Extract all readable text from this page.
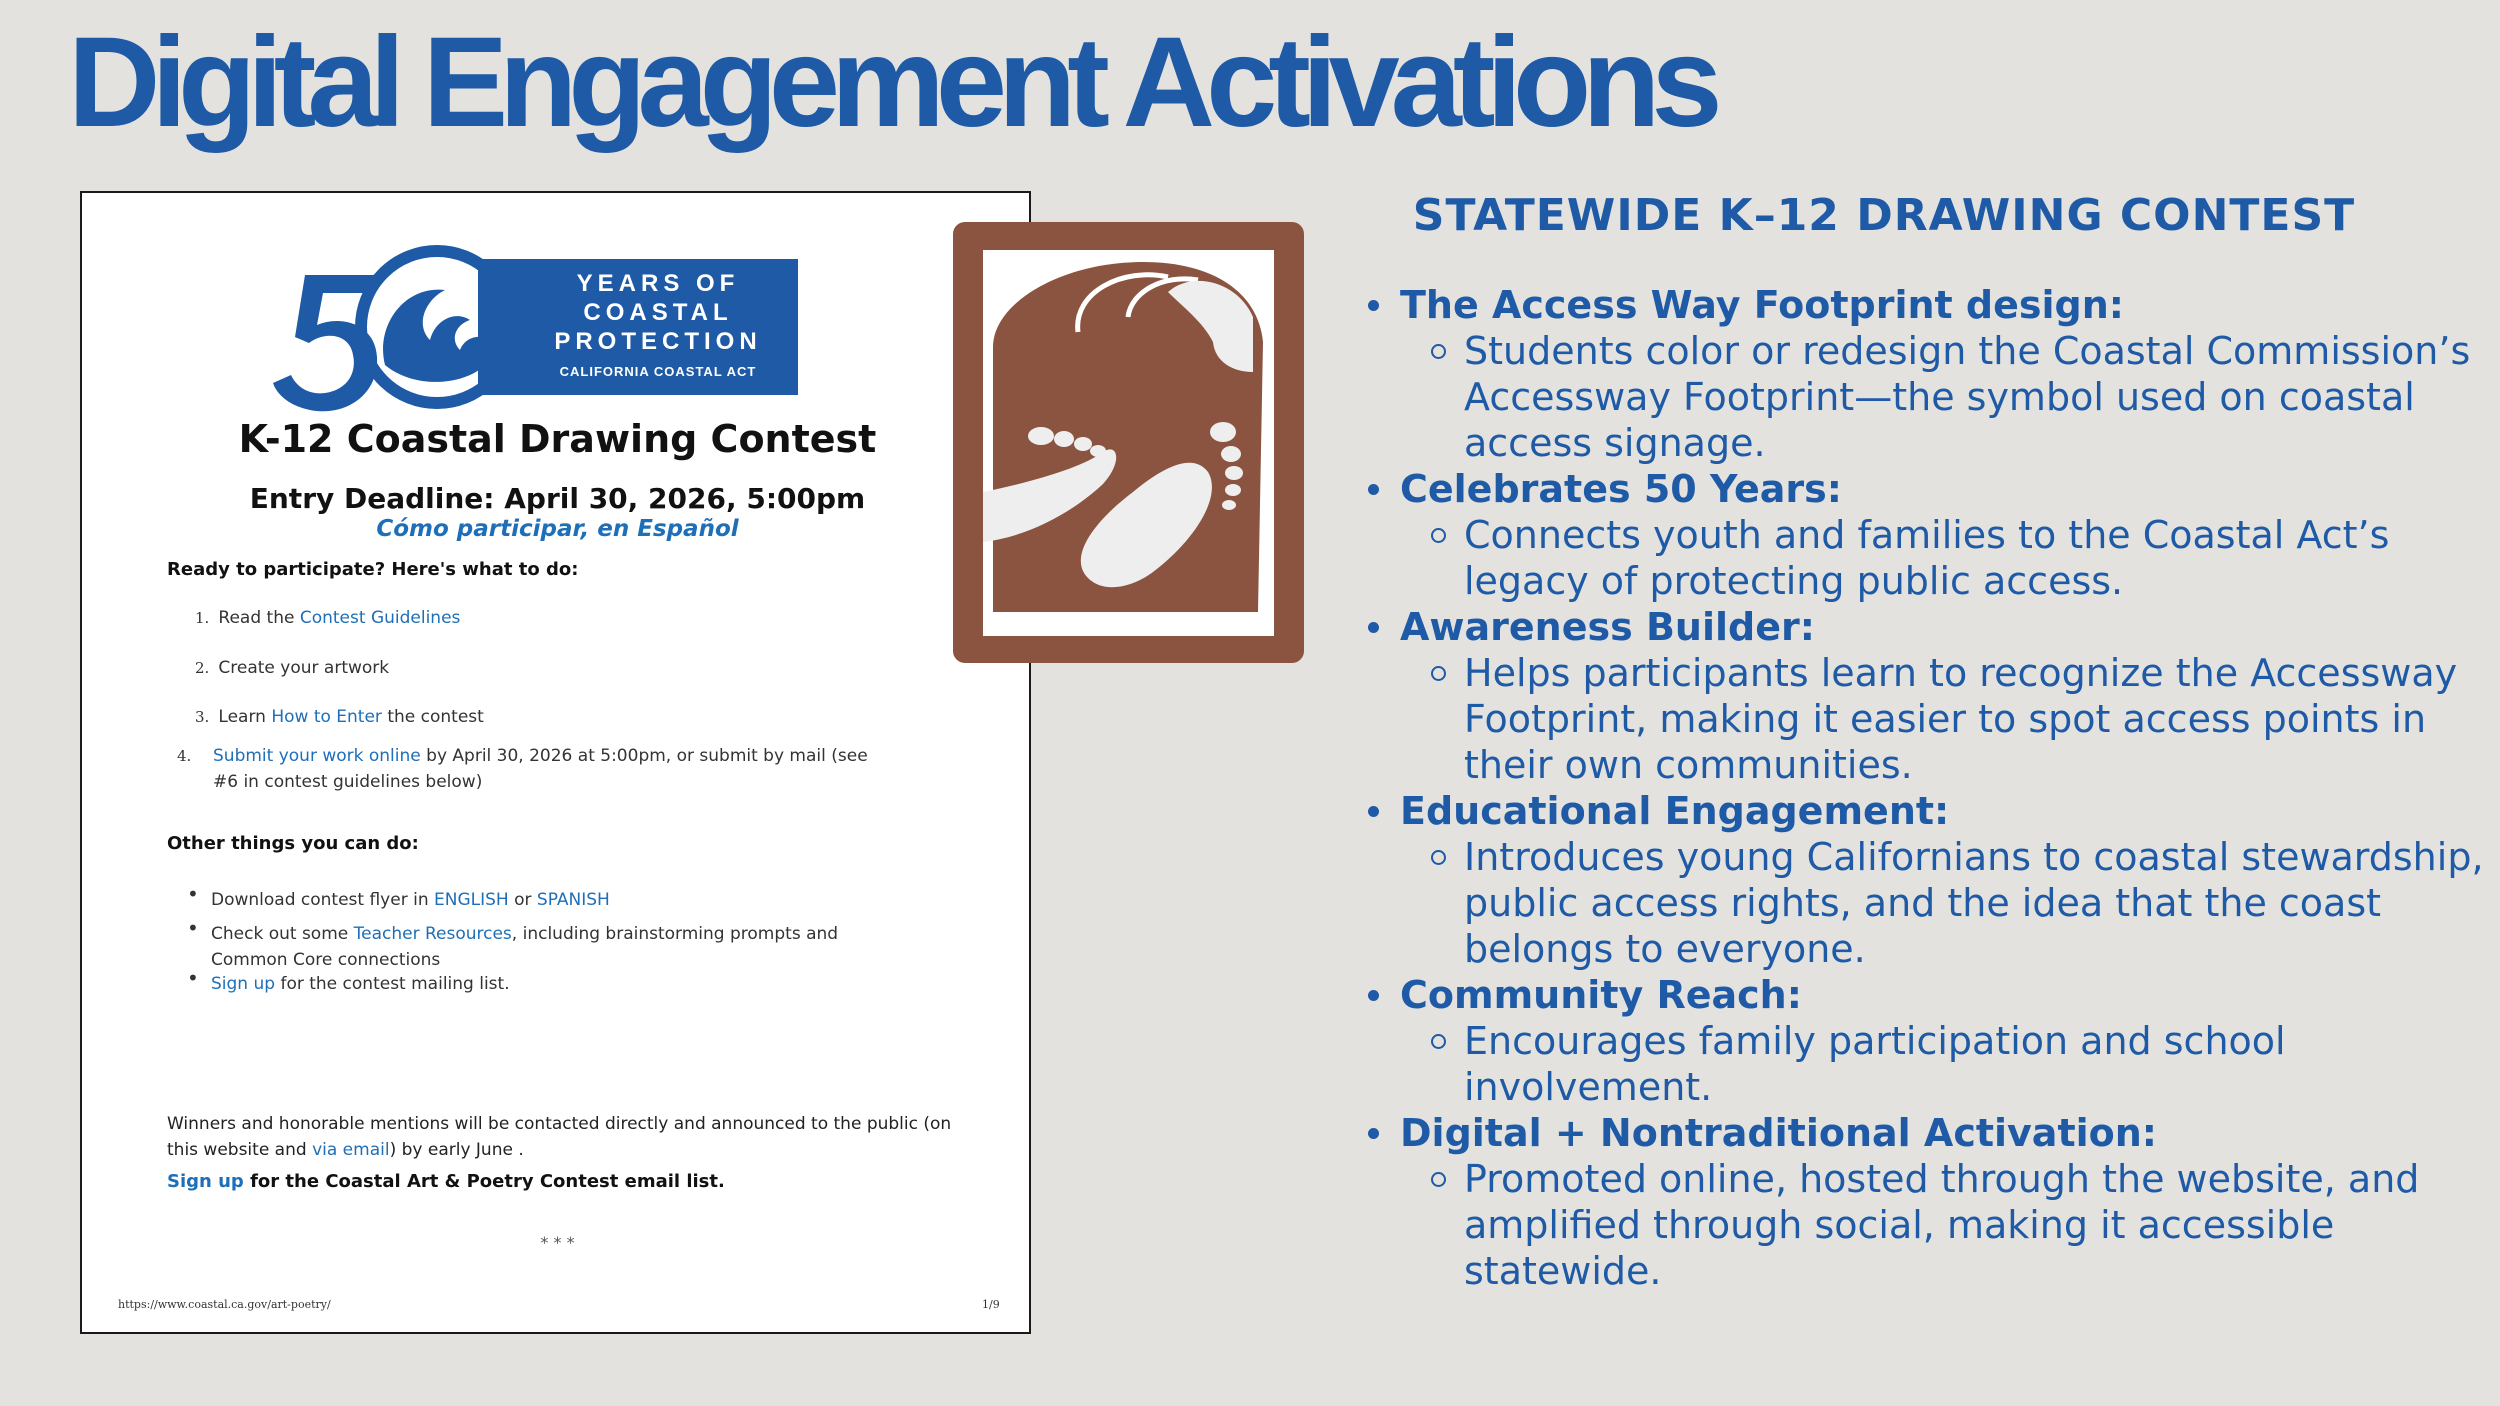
Digital Engagement Activations
YEARS OF
COASTAL
PROTECTION
CALIFORNIA COASTAL ACT
K-12 Coastal Drawing Contest
Entry Deadline: April 30, 2026, 5:00pm
Cómo participar, en Español
Ready to participate? Here's what to do:
1. Read the Contest Guidelines
2. Create your artwork
3. Learn How to Enter the contest
4. Submit your work online by April 30, 2026 at 5:00pm, or submit by mail (see #6 in contest guidelines below)
Other things you can do:
• Download contest flyer in ENGLISH or SPANISH
• Check out some Teacher Resources, including brainstorming prompts and Common Core connections
• Sign up for the contest mailing list.
Winners and honorable mentions will be contacted directly and announced to the public (on this website and via email) by early June .
Sign up for the Coastal Art & Poetry Contest email list.
* * *
https://www.coastal.ca.gov/art-poetry/	1/9
STATEWIDE K–12 DRAWING CONTEST
The Access Way Footprint design:
Students color or redesign the Coastal Commission’s Accessway Footprint—the symbol used on coastal access signage.
Celebrates 50 Years:
Connects youth and families to the Coastal Act’s legacy of protecting public access.
Awareness Builder:
Helps participants learn to recognize the Accessway Footprint, making it easier to spot access points in their own communities.
Educational Engagement:
Introduces young Californians to coastal stewardship, public access rights, and the idea that the coast belongs to everyone.
Community Reach:
Encourages family participation and school involvement.
Digital + Nontraditional Activation:
Promoted online, hosted through the website, and amplified through social, making it accessible statewide.
